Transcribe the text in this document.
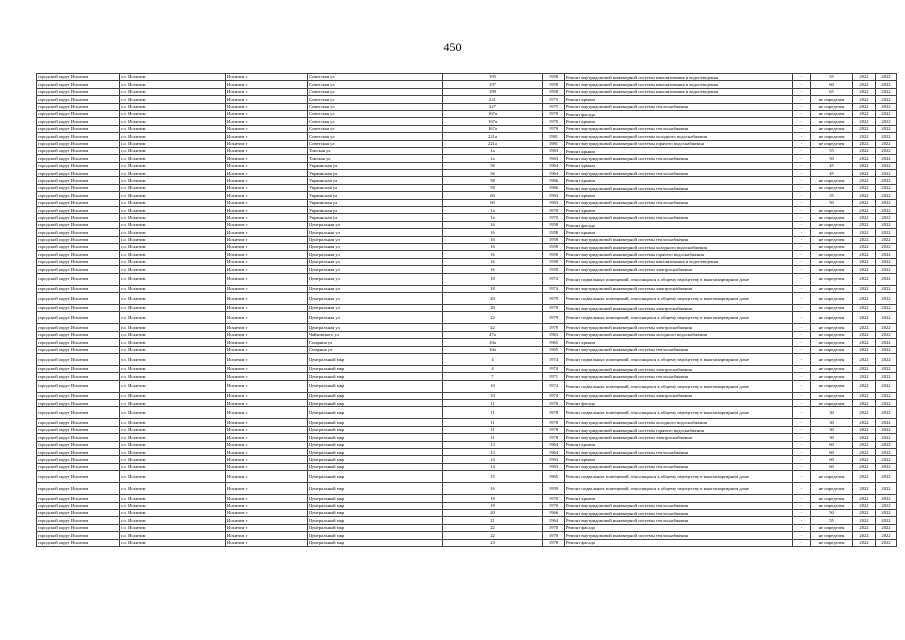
450
городской округ Искитим	г.о. Искитим	Искитим г	Советская ул	195	1958	Ремонт внутридомовой инженерной системы канализования и водоотведения	-	55	2022	2022
городской округ Искитим	г.о. Искитим	Искитим г	Советская ул	197	1958	Ремонт внутридомовой инженерной системы канализования и водоотведения	-	60	2022	2022
городской округ Искитим	г.о. Искитим	Искитим г	Советская ул	199	1958	Ремонт внутридомовой инженерной системы канализования и водоотведения	-	65	2022	2022
городской округ Искитим	г.о. Искитим	Искитим г	Советская ул	221	1975	Ремонт крыши	-	не определен	2022	2022
городской округ Искитим	г.о. Искитим	Искитим г	Советская ул	227	1975	Ремонт внутридомовой инженерной системы теплоснабжения	-	не определен	2022	2022
городской округ Искитим	г.о. Искитим	Искитим г	Советская ул	167а	1970	Ремонт фасада	-	не определен	2022	2022
городской округ Искитим	г.о. Искитим	Искитим г	Советская ул	167а	1970	Ремонт крыши	-	не определен	2022	2022
городской округ Искитим	г.о. Искитим	Искитим г	Советская ул	167а	1970	Ремонт внутридомовой инженерной системы теплоснабжения	-	не определен	2022	2022
городской округ Искитим	г.о. Искитим	Искитим г	Советская ул	221а	1981	Ремонт внутридомовой инженерной системы холодного водоснабжения	-	не определен	2022	2022
городской округ Искитим	г.о. Искитим	Искитим г	Советская ул	221а	1981	Ремонт внутридомовой инженерной системы горячего водоснабжения	-	не определен	2022	2022
городской округ Искитим	г.о. Искитим	Искитим г	Томская ул	1а	1963	Ремонт крыши	-	55	2022	2022
городской округ Искитим	г.о. Искитим	Искитим г	Томская ул	1а	1963	Ремонт внутридомовой инженерной системы теплоснабжения	-	50	2022	2022
городской округ Искитим	г.о. Искитим	Искитим г	Украинская ул	56	1964	Ремонт крыши	-	45	2022	2022
городской округ Искитим	г.о. Искитим	Искитим г	Украинская ул	56	1964	Ремонт внутридомовой инженерной системы теплоснабжения	-	45	2022	2022
городской округ Искитим	г.о. Искитим	Искитим г	Украинская ул	58	1966	Ремонт крыши	-	не определен	2022	2022
городской округ Искитим	г.о. Искитим	Искитим г	Украинская ул	58	1966	Ремонт внутридомовой инженерной системы теплоснабжения	-	не определен	2022	2022
городской округ Искитим	г.о. Искитим	Искитим г	Украинская ул	60	1963	Ремонт крыши	-	55	2022	2022
городской округ Искитим	г.о. Искитим	Искитим г	Украинская ул	60	1963	Ремонт внутридомовой инженерной системы теплоснабжения	-	50	2022	2022
городской округ Искитим	г.о. Искитим	Искитим г	Украинская ул	1а	1970	Ремонт крыши	-	не определен	2022	2022
городской округ Искитим	г.о. Искитим	Искитим г	Украинская ул	1а	1970	Ремонт внутридомовой инженерной системы теплоснабжения	-	не определен	2022	2022
городской округ Искитим	г.о. Искитим	Искитим г	Центральная ул	16	1958	Ремонт фасада	-	не определен	2022	2022
городской округ Искитим	г.о. Искитим	Искитим г	Центральная ул	16	1958	Ремонт крыши	-	не определен	2022	2022
городской округ Искитим	г.о. Искитим	Искитим г	Центральная ул	16	1958	Ремонт внутридомовой инженерной системы теплоснабжения	-	не определен	2022	2022
городской округ Искитим	г.о. Искитим	Искитим г	Центральная ул	16	1958	Ремонт внутридомовой инженерной системы холодного водоснабжения	-	не определен	2022	2022
городской округ Искитим	г.о. Искитим	Искитим г	Центральная ул	16	1958	Ремонт внутридомовой инженерной системы горячего водоснабжения	-	не определен	2022	2022
городской округ Искитим	г.о. Искитим	Искитим г	Центральная ул	16	1958	Ремонт внутридомовой инженерной системы канализования и водоотведения	-	не определен	2022	2022
городской округ Искитим	г.о. Искитим	Искитим г	Центральная ул	16	1959	Ремонт внутридомовой инженерной системы электроснабжения	-	не определен	2022	2022
городской округ Искитим	г.о. Искитим	Искитим г	Центральная ул	18	1974	Ремонт подвальных помещений, относящихся к общему имуществу в многоквартирном доме	-	не определен	2022	2022
городской округ Искитим	г.о. Искитим	Искитим г	Центральная ул	18	1974	Ремонт внутридомовой инженерной системы электроснабжения	-	не определен	2022	2022
городской округ Искитим	г.о. Искитим	Искитим г	Центральная ул	20	1979	Ремонт подвальных помещений, относящихся к общему имуществу в многоквартирном доме	-	не определен	2022	2022
городской округ Искитим	г.о. Искитим	Искитим г	Центральная ул	20	1979	Ремонт внутридомовой инженерной системы электроснабжения	-	не определен	2022	2022
городской округ Искитим	г.о. Искитим	Искитим г	Центральная ул	22	1979	Ремонт подвальных помещений, относящихся к общему имуществу в многоквартирном доме	-	не определен	2022	2022
городской округ Искитим	г.о. Искитим	Искитим г	Центральная ул	22	1979	Ремонт внутридомовой инженерной системы электроснабжения	-	не определен	2022	2022
городской округ Искитим	г.о. Искитим	Искитим г	Чайковского ул	47а	1963	Ремонт внутридомовой инженерной системы холодного водоснабжения	-	не определен	2022	2022
городской округ Искитим	г.о. Искитим	Искитим г	Гагарина ул	10а	1965	Ремонт крыши	-	не определен	2022	2022
городской округ Искитим	г.о. Искитим	Искитим г	Гагарина ул	10а	1965	Ремонт внутридомовой инженерной системы теплоснабжения	-	не определен	2022	2022
городской округ Искитим	г.о. Искитим	Искитим г	Центральный мкр	4	1974	Ремонт подвальных помещений, относящихся к общему имуществу в многоквартирном доме	-	не определен	2022	2022
городской округ Искитим	г.о. Искитим	Искитим г	Центральный мкр	4	1974	Ремонт внутридомовой инженерной системы электроснабжения	-	не определен	2022	2022
городской округ Искитим	г.о. Искитим	Искитим г	Центральный мкр	7	1971	Ремонт внутридомовой инженерной системы теплоснабжения	-	не определен	2022	2022
городской округ Искитим	г.о. Искитим	Искитим г	Центральный мкр	10	1974	Ремонт подвальных помещений, относящихся к общему имуществу в многоквартирном доме	-	не определен	2022	2022
городской округ Искитим	г.о. Искитим	Искитим г	Центральный мкр	10	1974	Ремонт внутридомовой инженерной системы электроснабжения	-	не определен	2022	2022
городской округ Искитим	г.о. Искитим	Искитим г	Центральный мкр	11	1978	Ремонт фасада	-	не определен	2022	2022
городской округ Искитим	г.о. Искитим	Искитим г	Центральный мкр	11	1978	Ремонт подвальных помещений, относящихся к общему имуществу в многоквартирном доме	-	30	2022	2022
городской округ Искитим	г.о. Искитим	Искитим г	Центральный мкр	11	1978	Ремонт внутридомовой инженерной системы холодного водоснабжения	-	30	2022	2022
городской округ Искитим	г.о. Искитим	Искитим г	Центральный мкр	11	1978	Ремонт внутридомовой инженерной системы горячего водоснабжения	-	30	2022	2022
городской округ Искитим	г.о. Искитим	Искитим г	Центральный мкр	11	1978	Ремонт внутридомовой инженерной системы электроснабжения	-	30	2022	2022
городской округ Искитим	г.о. Искитим	Искитим г	Центральный мкр	13	1964	Ремонт крыши	-	60	2022	2022
городской округ Искитим	г.о. Искитим	Искитим г	Центральный мкр	13	1964	Ремонт внутридомовой инженерной системы теплоснабжения	-	60	2022	2022
городской округ Искитим	г.о. Искитим	Искитим г	Центральный мкр	14	1963	Ремонт крыши	-	60	2022	2022
городской округ Искитим	г.о. Искитим	Искитим г	Центральный мкр	14	1963	Ремонт внутридомовой инженерной системы теплоснабжения	-	60	2022	2022
городской округ Искитим	г.о. Искитим	Искитим г	Центральный мкр	15	1965	Ремонт подвальных помещений, относящихся к общему имуществу в многоквартирном доме	-	не определен	2022	2022
городской округ Искитим	г.о. Искитим	Искитим г	Центральный мкр	16	1959	Ремонт подвальных помещений, относящихся к общему имуществу в многоквартирном доме	-	не определен	2022	2022
городской округ Искитим	г.о. Искитим	Искитим г	Центральный мкр	18	1970	Ремонт крыши	-	не определен	2022	2022
городской округ Искитим	г.о. Искитим	Искитим г	Центральный мкр	18	1970	Ремонт внутридомовой инженерной системы теплоснабжения	-	не определен	2022	2022
городской округ Искитим	г.о. Искитим	Искитим г	Центральный мкр	20	1966	Ремонт внутридомовой инженерной системы теплоснабжения	-	50	2022	2022
городской округ Искитим	г.о. Искитим	Искитим г	Центральный мкр	21	1964	Ремонт внутридомовой инженерной системы теплоснабжения	-	55	2022	2022
городской округ Искитим	г.о. Искитим	Искитим г	Центральный мкр	22	1970	Ремонт фасада	-	не определен	2022	2022
городской округ Искитим	г.о. Искитим	Искитим г	Центральный мкр	22	1970	Ремонт внутридомовой инженерной системы теплоснабжения	-	не определен	2022	2022
городской округ Искитим	г.о. Искитим	Искитим г	Центральный мкр	23	1978	Ремонт фасада	-	не определен	2022	2022
